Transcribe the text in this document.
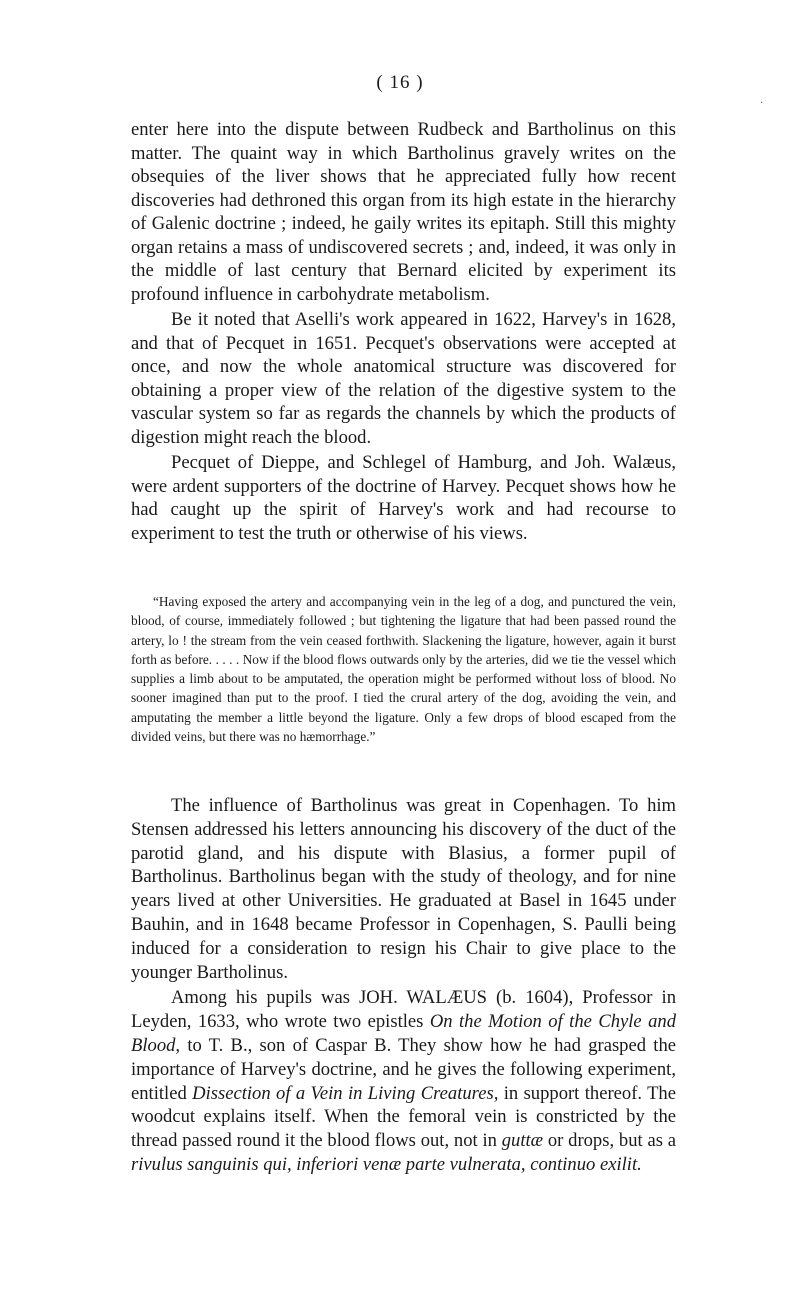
( 16 )

enter here into the dispute between Rudbeck and Bartholinus on this matter. The quaint way in which Bartholinus gravely writes on the obsequies of the liver shows that he appreciated fully how recent discoveries had dethroned this organ from its high estate in the hierarchy of Galenic doctrine ; indeed, he gaily writes its epitaph. Still this mighty organ retains a mass of undiscovered secrets ; and, indeed, it was only in the middle of last century that Bernard elicited by experiment its profound influence in carbohydrate metabolism.

Be it noted that Aselli's work appeared in 1622, Harvey's in 1628, and that of Pecquet in 1651. Pecquet's observations were accepted at once, and now the whole anatomical structure was discovered for obtaining a proper view of the relation of the digestive system to the vascular system so far as regards the channels by which the products of digestion might reach the blood.

Pecquet of Dieppe, and Schlegel of Hamburg, and Joh. Walæus, were ardent supporters of the doctrine of Harvey. Pecquet shows how he had caught up the spirit of Harvey's work and had recourse to experiment to test the truth or otherwise of his views.

“Having exposed the artery and accompanying vein in the leg of a dog, and punctured the vein, blood, of course, immediately followed ; but tightening the ligature that had been passed round the artery, lo ! the stream from the vein ceased forthwith. Slackening the ligature, however, again it burst forth as before. . . . . Now if the blood flows outwards only by the arteries, did we tie the vessel which supplies a limb about to be amputated, the operation might be performed without loss of blood. No sooner imagined than put to the proof. I tied the crural artery of the dog, avoiding the vein, and amputating the member a little beyond the ligature. Only a few drops of blood escaped from the divided veins, but there was no hæmorrhage.”

The influence of Bartholinus was great in Copenhagen. To him Stensen addressed his letters announcing his discovery of the duct of the parotid gland, and his dispute with Blasius, a former pupil of Bartholinus. Bartholinus began with the study of theology, and for nine years lived at other Universities. He graduated at Basel in 1645 under Bauhin, and in 1648 became Professor in Copenhagen, S. Paulli being induced for a consideration to resign his Chair to give place to the younger Bartholinus.

Among his pupils was JOH. WALÆUS (b. 1604), Professor in Leyden, 1633, who wrote two epistles On the Motion of the Chyle and Blood, to T. B., son of Caspar B. They show how he had grasped the importance of Harvey's doctrine, and he gives the following experiment, entitled Dissection of a Vein in Living Creatures, in support thereof. The woodcut explains itself. When the femoral vein is constricted by the thread passed round it the blood flows out, not in guttæ or drops, but as a rivulus sanguinis qui, inferiori venæ parte vulnerata, continuo exilit.

·
